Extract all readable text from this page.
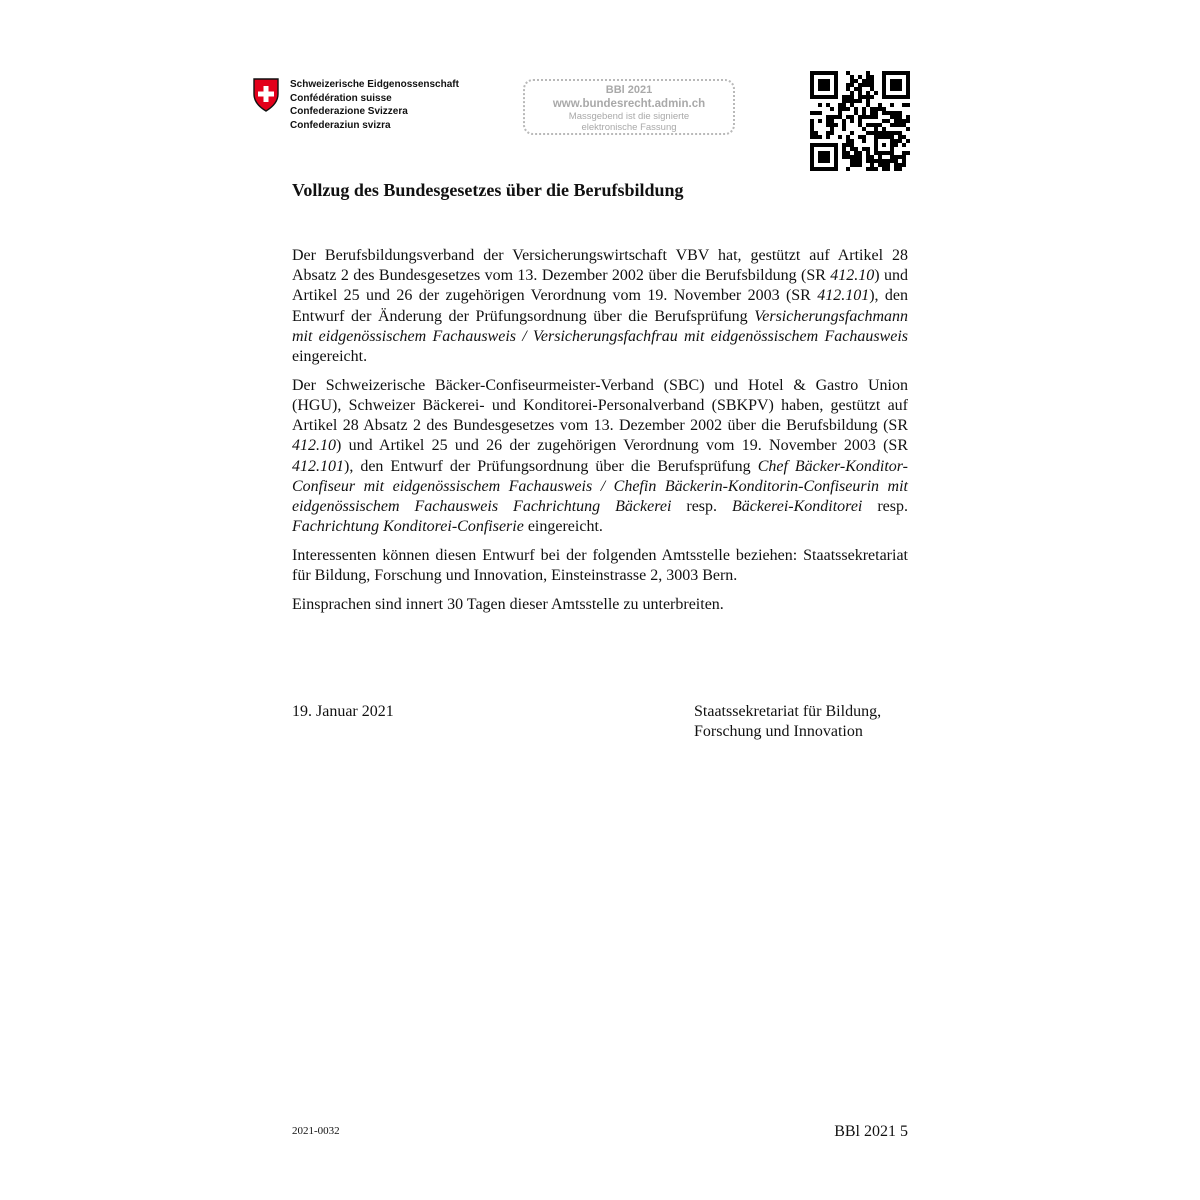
Schweizerische Eidgenossenschaft
Confédération suisse
Confederazione Svizzera
Confederaziun svizra
BBl 2021
www.bundesrecht.admin.ch
Massgebend ist die signierte
elektronische Fassung
Vollzug des Bundesgesetzes über die Berufsbildung

Der Berufsbildungsverband der Versicherungswirtschaft VBV hat, gestützt auf Artikel 28 Absatz 2 des Bundesgesetzes vom 13. Dezember 2002 über die Berufsbildung (SR 412.10) und Artikel 25 und 26 der zugehörigen Verordnung vom 19. November 2003 (SR 412.101), den Entwurf der Änderung der Prüfungsordnung über die Berufsprüfung Versicherungsfachmann mit eidgenössischem Fachausweis / Versicherungsfachfrau mit eidgenössischem Fachausweis eingereicht.

Der Schweizerische Bäcker-Confiseurmeister-Verband (SBC) und Hotel & Gastro Union (HGU), Schweizer Bäckerei- und Konditorei-Personalverband (SBKPV) haben, gestützt auf Artikel 28 Absatz 2 des Bundesgesetzes vom 13. Dezember 2002 über die Berufsbildung (SR 412.10) und Artikel 25 und 26 der zugehörigen Verordnung vom 19. November 2003 (SR 412.101), den Entwurf der Prüfungsordnung über die Berufsprüfung Chef Bäcker-Konditor-Confiseur mit eidgenössischem Fachausweis / Chefin Bäckerin-Konditorin-Confiseurin mit eidgenössischem Fachausweis Fachrichtung Bäckerei resp. Bäckerei-Konditorei resp. Fachrichtung Konditorei-Confiserie eingereicht.

Interessenten können diesen Entwurf bei der folgenden Amtsstelle beziehen: Staatssekretariat für Bildung, Forschung und Innovation, Einsteinstrasse 2, 3003 Bern.

Einsprachen sind innert 30 Tagen dieser Amtsstelle zu unterbreiten.

19. Januar 2021	Staatssekretariat für Bildung,
Forschung und Innovation
2021-0032	BBl 2021 5
